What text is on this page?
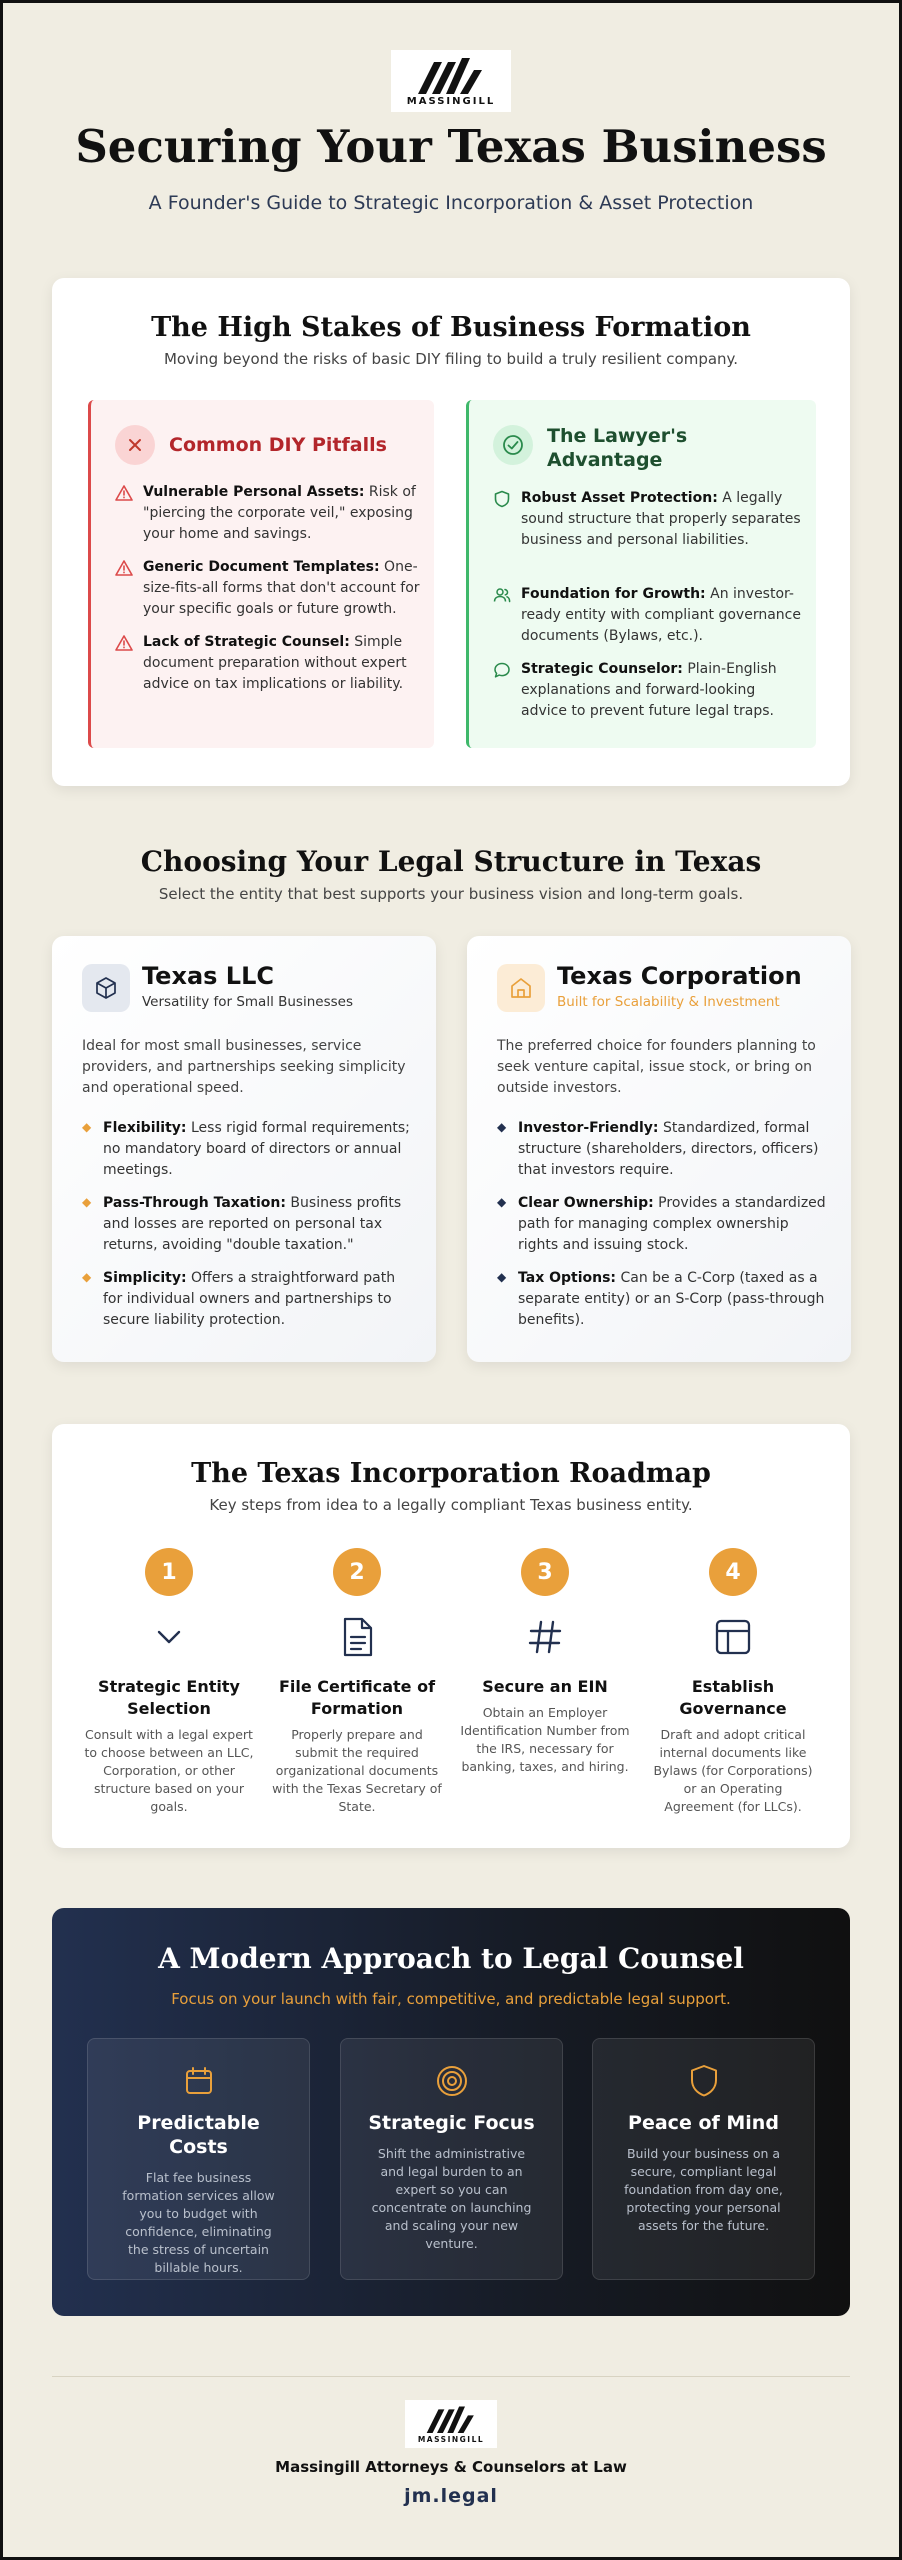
MASSINGILL
Securing Your Texas Business
A Founder's Guide to Strategic Incorporation & Asset Protection
The High Stakes of Business Formation
Moving beyond the risks of basic DIY filing to build a truly resilient company.
Common DIY Pitfalls
Vulnerable Personal Assets: Risk of "piercing the corporate veil," exposing your home and savings.
Generic Document Templates: One-size-fits-all forms that don't account for your specific goals or future growth.
Lack of Strategic Counsel: Simple document preparation without expert advice on tax implications or liability.
The Lawyer's
Advantage
Robust Asset Protection: A legally sound structure that properly separates business and personal liabilities.
Foundation for Growth: An investor-ready entity with compliant governance documents (Bylaws, etc.).
Strategic Counselor: Plain-English explanations and forward-looking advice to prevent future legal traps.
Choosing Your Legal Structure in Texas
Select the entity that best supports your business vision and long-term goals.
Texas LLC
Versatility for Small Businesses
Ideal for most small businesses, service providers, and partnerships seeking simplicity and operational speed.
◆ Flexibility: Less rigid formal requirements; no mandatory board of directors or annual meetings.
◆ Pass-Through Taxation: Business profits and losses are reported on personal tax returns, avoiding "double taxation."
◆ Simplicity: Offers a straightforward path for individual owners and partnerships to secure liability protection.
Texas Corporation
Built for Scalability & Investment
The preferred choice for founders planning to seek venture capital, issue stock, or bring on outside investors.
◆ Investor-Friendly: Standardized, formal structure (shareholders, directors, officers) that investors require.
◆ Clear Ownership: Provides a standardized path for managing complex ownership rights and issuing stock.
◆ Tax Options: Can be a C-Corp (taxed as a separate entity) or an S-Corp (pass-through benefits).
The Texas Incorporation Roadmap
Key steps from idea to a legally compliant Texas business entity.
1
Strategic Entity Selection
Consult with a legal expert to choose between an LLC, Corporation, or other structure based on your goals.
2
File Certificate of Formation
Properly prepare and submit the required organizational documents with the Texas Secretary of State.
3
Secure an EIN
Obtain an Employer Identification Number from the IRS, necessary for banking, taxes, and hiring.
4
Establish Governance
Draft and adopt critical internal documents like Bylaws (for Corporations) or an Operating Agreement (for LLCs).
A Modern Approach to Legal Counsel
Focus on your launch with fair, competitive, and predictable legal support.
Predictable Costs
Flat fee business formation services allow you to budget with confidence, eliminating the stress of uncertain billable hours.
Strategic Focus
Shift the administrative and legal burden to an expert so you can concentrate on launching and scaling your new venture.
Peace of Mind
Build your business on a secure, compliant legal foundation from day one, protecting your personal assets for the future.
MASSINGILL
Massingill Attorneys & Counselors at Law
jm.legal
